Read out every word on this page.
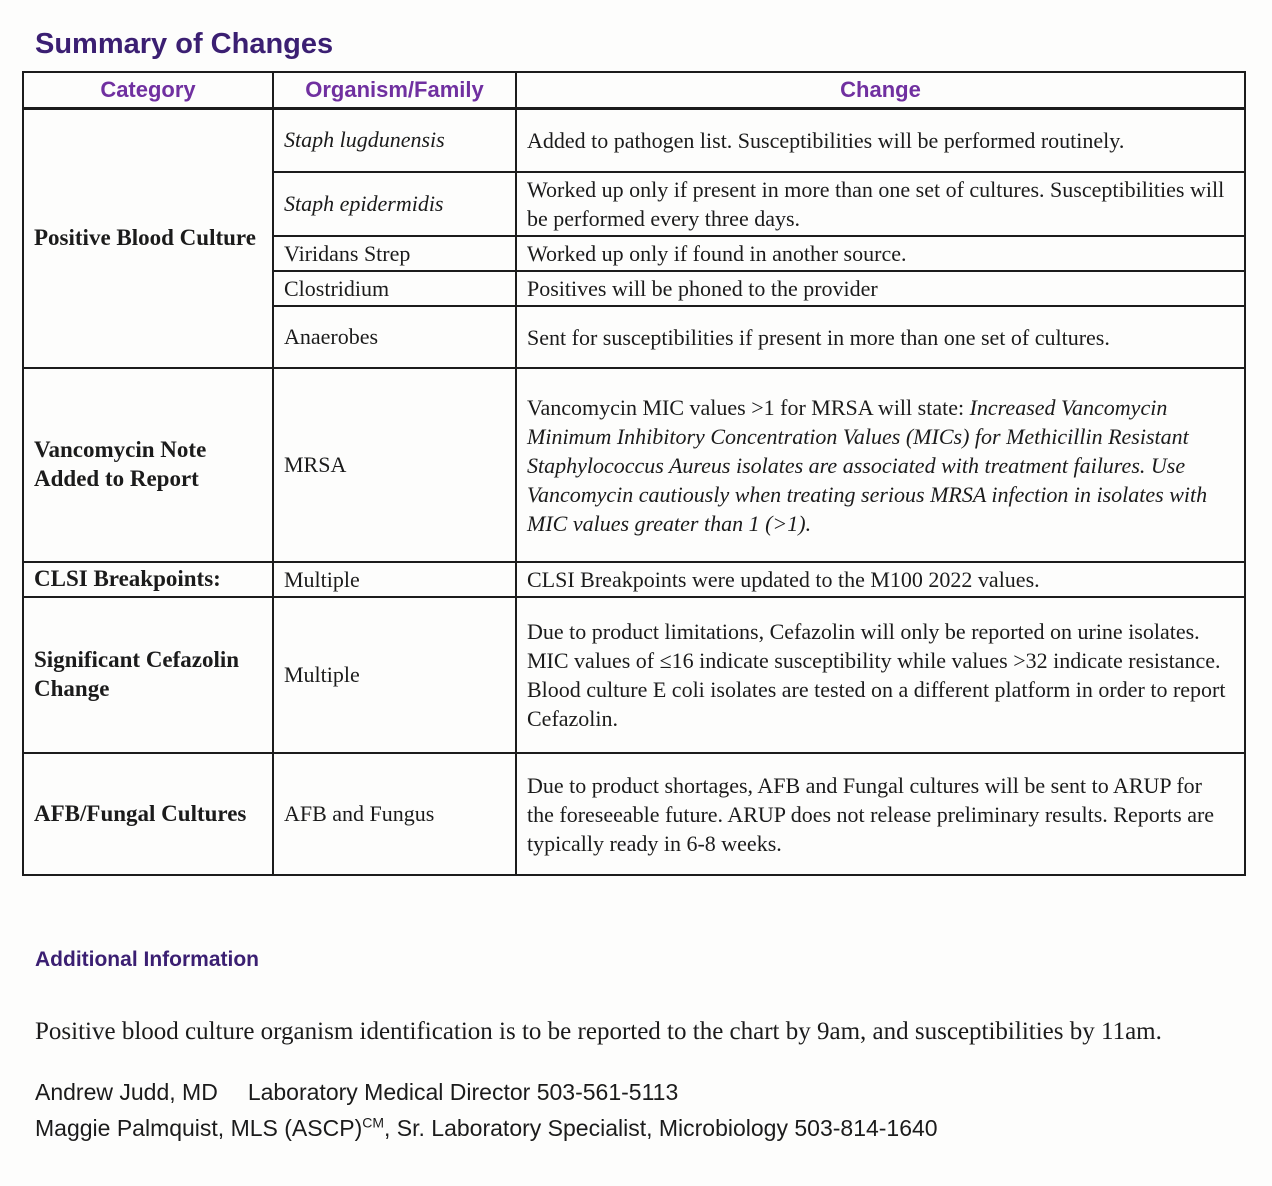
Summary of Changes
Category	Organism/Family	Change
Positive Blood Culture	Staph lugdunensis	Added to pathogen list. Susceptibilities will be performed routinely.
	Staph epidermidis	Worked up only if present in more than one set of cultures. Susceptibilities will be performed every three days.
	Viridans Strep	Worked up only if found in another source.
	Clostridium	Positives will be phoned to the provider
	Anaerobes	Sent for susceptibilities if present in more than one set of cultures.
Vancomycin Note Added to Report	MRSA	Vancomycin MIC values >1 for MRSA will state: Increased Vancomycin Minimum Inhibitory Concentration Values (MICs) for Methicillin Resistant Staphylococcus Aureus isolates are associated with treatment failures. Use Vancomycin cautiously when treating serious MRSA infection in isolates with MIC values greater than 1 (>1).
CLSI Breakpoints:	Multiple	CLSI Breakpoints were updated to the M100 2022 values.
Significant Cefazolin Change	Multiple	Due to product limitations, Cefazolin will only be reported on urine isolates. MIC values of ≤16 indicate susceptibility while values >32 indicate resistance. Blood culture E coli isolates are tested on a different platform in order to report Cefazolin.
AFB/Fungal Cultures	AFB and Fungus	Due to product shortages, AFB and Fungal cultures will be sent to ARUP for the foreseeable future. ARUP does not release preliminary results. Reports are typically ready in 6-8 weeks.
Additional Information

Positive blood culture organism identification is to be reported to the chart by 9am, and susceptibilities by 11am.

Andrew Judd, MD Laboratory Medical Director 503-561-5113

Maggie Palmquist, MLS (ASCP)$^{CM}$, Sr. Laboratory Specialist, Microbiology 503-814-1640
